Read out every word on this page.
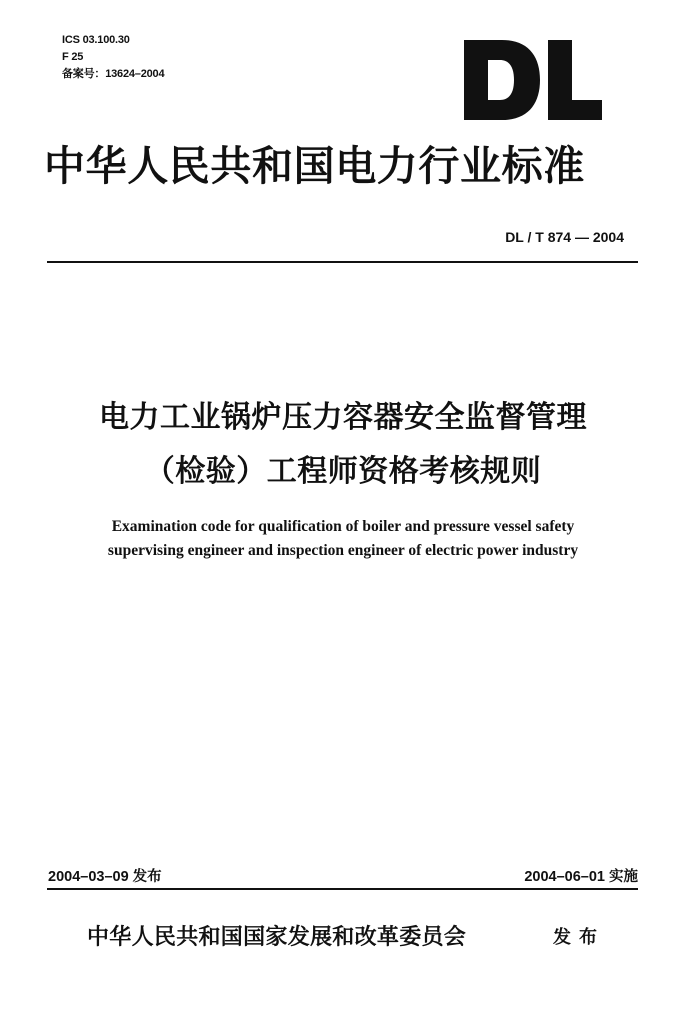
ICS 03.100.30
F 25
备案号：13624–2004
中华人民共和国电力行业标准
DL / T 874 — 2004
电力工业锅炉压力容器安全监督管理
（检验）工程师资格考核规则
Examination code for qualification of boiler and pressure vessel safety
supervising engineer and inspection engineer of electric power industry
2004–03–09 发布	2004–06–01 实施
中华人民共和国国家发展和改革委员会	发布
